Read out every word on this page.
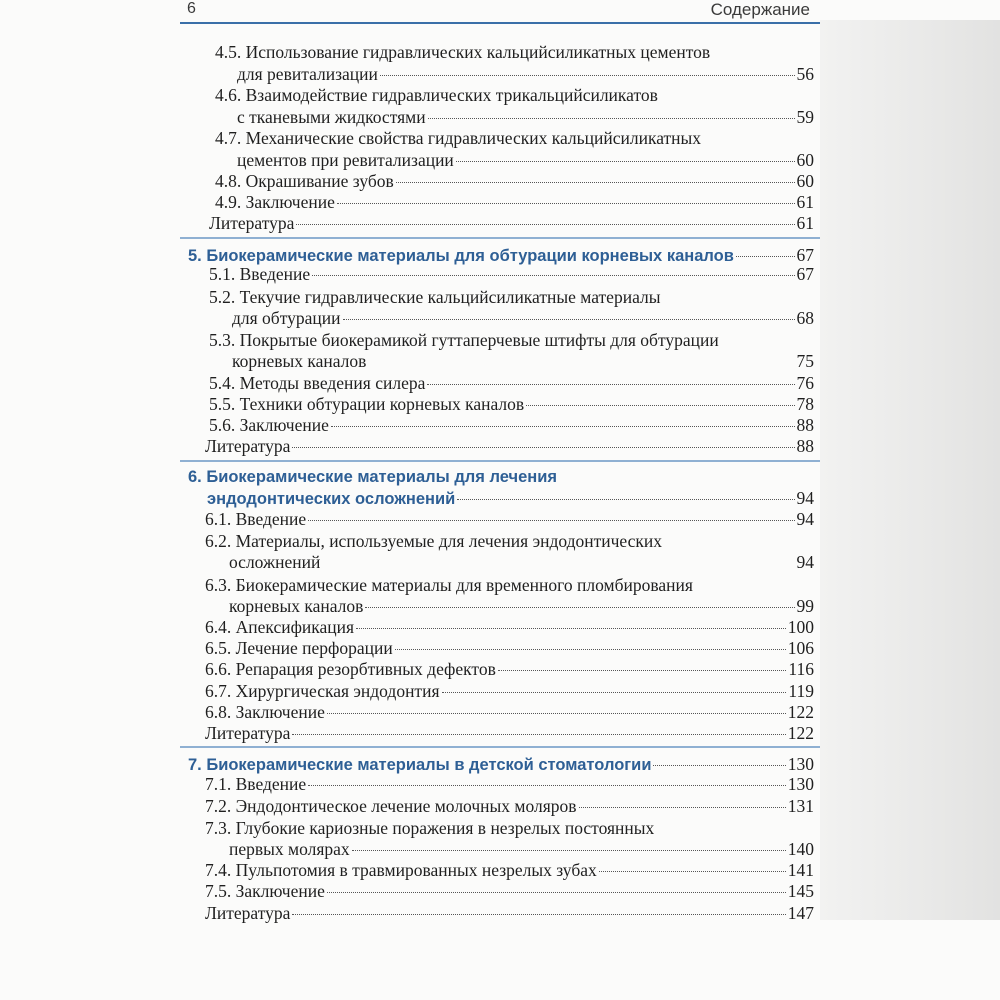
6	Содержание
4.5. Использование гидравлических кальцийсиликатных цементов
для ревитализации	56
4.6. Взаимодействие гидравлических трикальцийсиликатов
с тканевыми жидкостями	59
4.7. Механические свойства гидравлических кальцийсиликатных
цементов при ревитализации	60
4.8. Окрашивание зубов	60
4.9. Заключение	61
Литература	61
5. Биокерамические материалы для обтурации корневых каналов	67
5.1. Введение	67
5.2. Текучие гидравлические кальцийсиликатные материалы
для обтурации	68
5.3. Покрытые биокерамикой гуттаперчевые штифты для обтурации
корневых каналов	75
5.4. Методы введения силера	76
5.5. Техники обтурации корневых каналов	78
5.6. Заключение	88
Литература	88
6. Биокерамические материалы для лечения
эндодонтических осложнений	94
6.1. Введение	94
6.2. Материалы, используемые для лечения эндодонтических
осложнений	94
6.3. Биокерамические материалы для временного пломбирования
корневых каналов	99
6.4. Апексификация	100
6.5. Лечение перфорации	106
6.6. Репарация резорбтивных дефектов	116
6.7. Хирургическая эндодонтия	119
6.8. Заключение	122
Литература	122
7. Биокерамические материалы в детской стоматологии	130
7.1. Введение	130
7.2. Эндодонтическое лечение молочных моляров	131
7.3. Глубокие кариозные поражения в незрелых постоянных
первых молярах	140
7.4. Пульпотомия в травмированных незрелых зубах	141
7.5. Заключение	145
Литература	147
